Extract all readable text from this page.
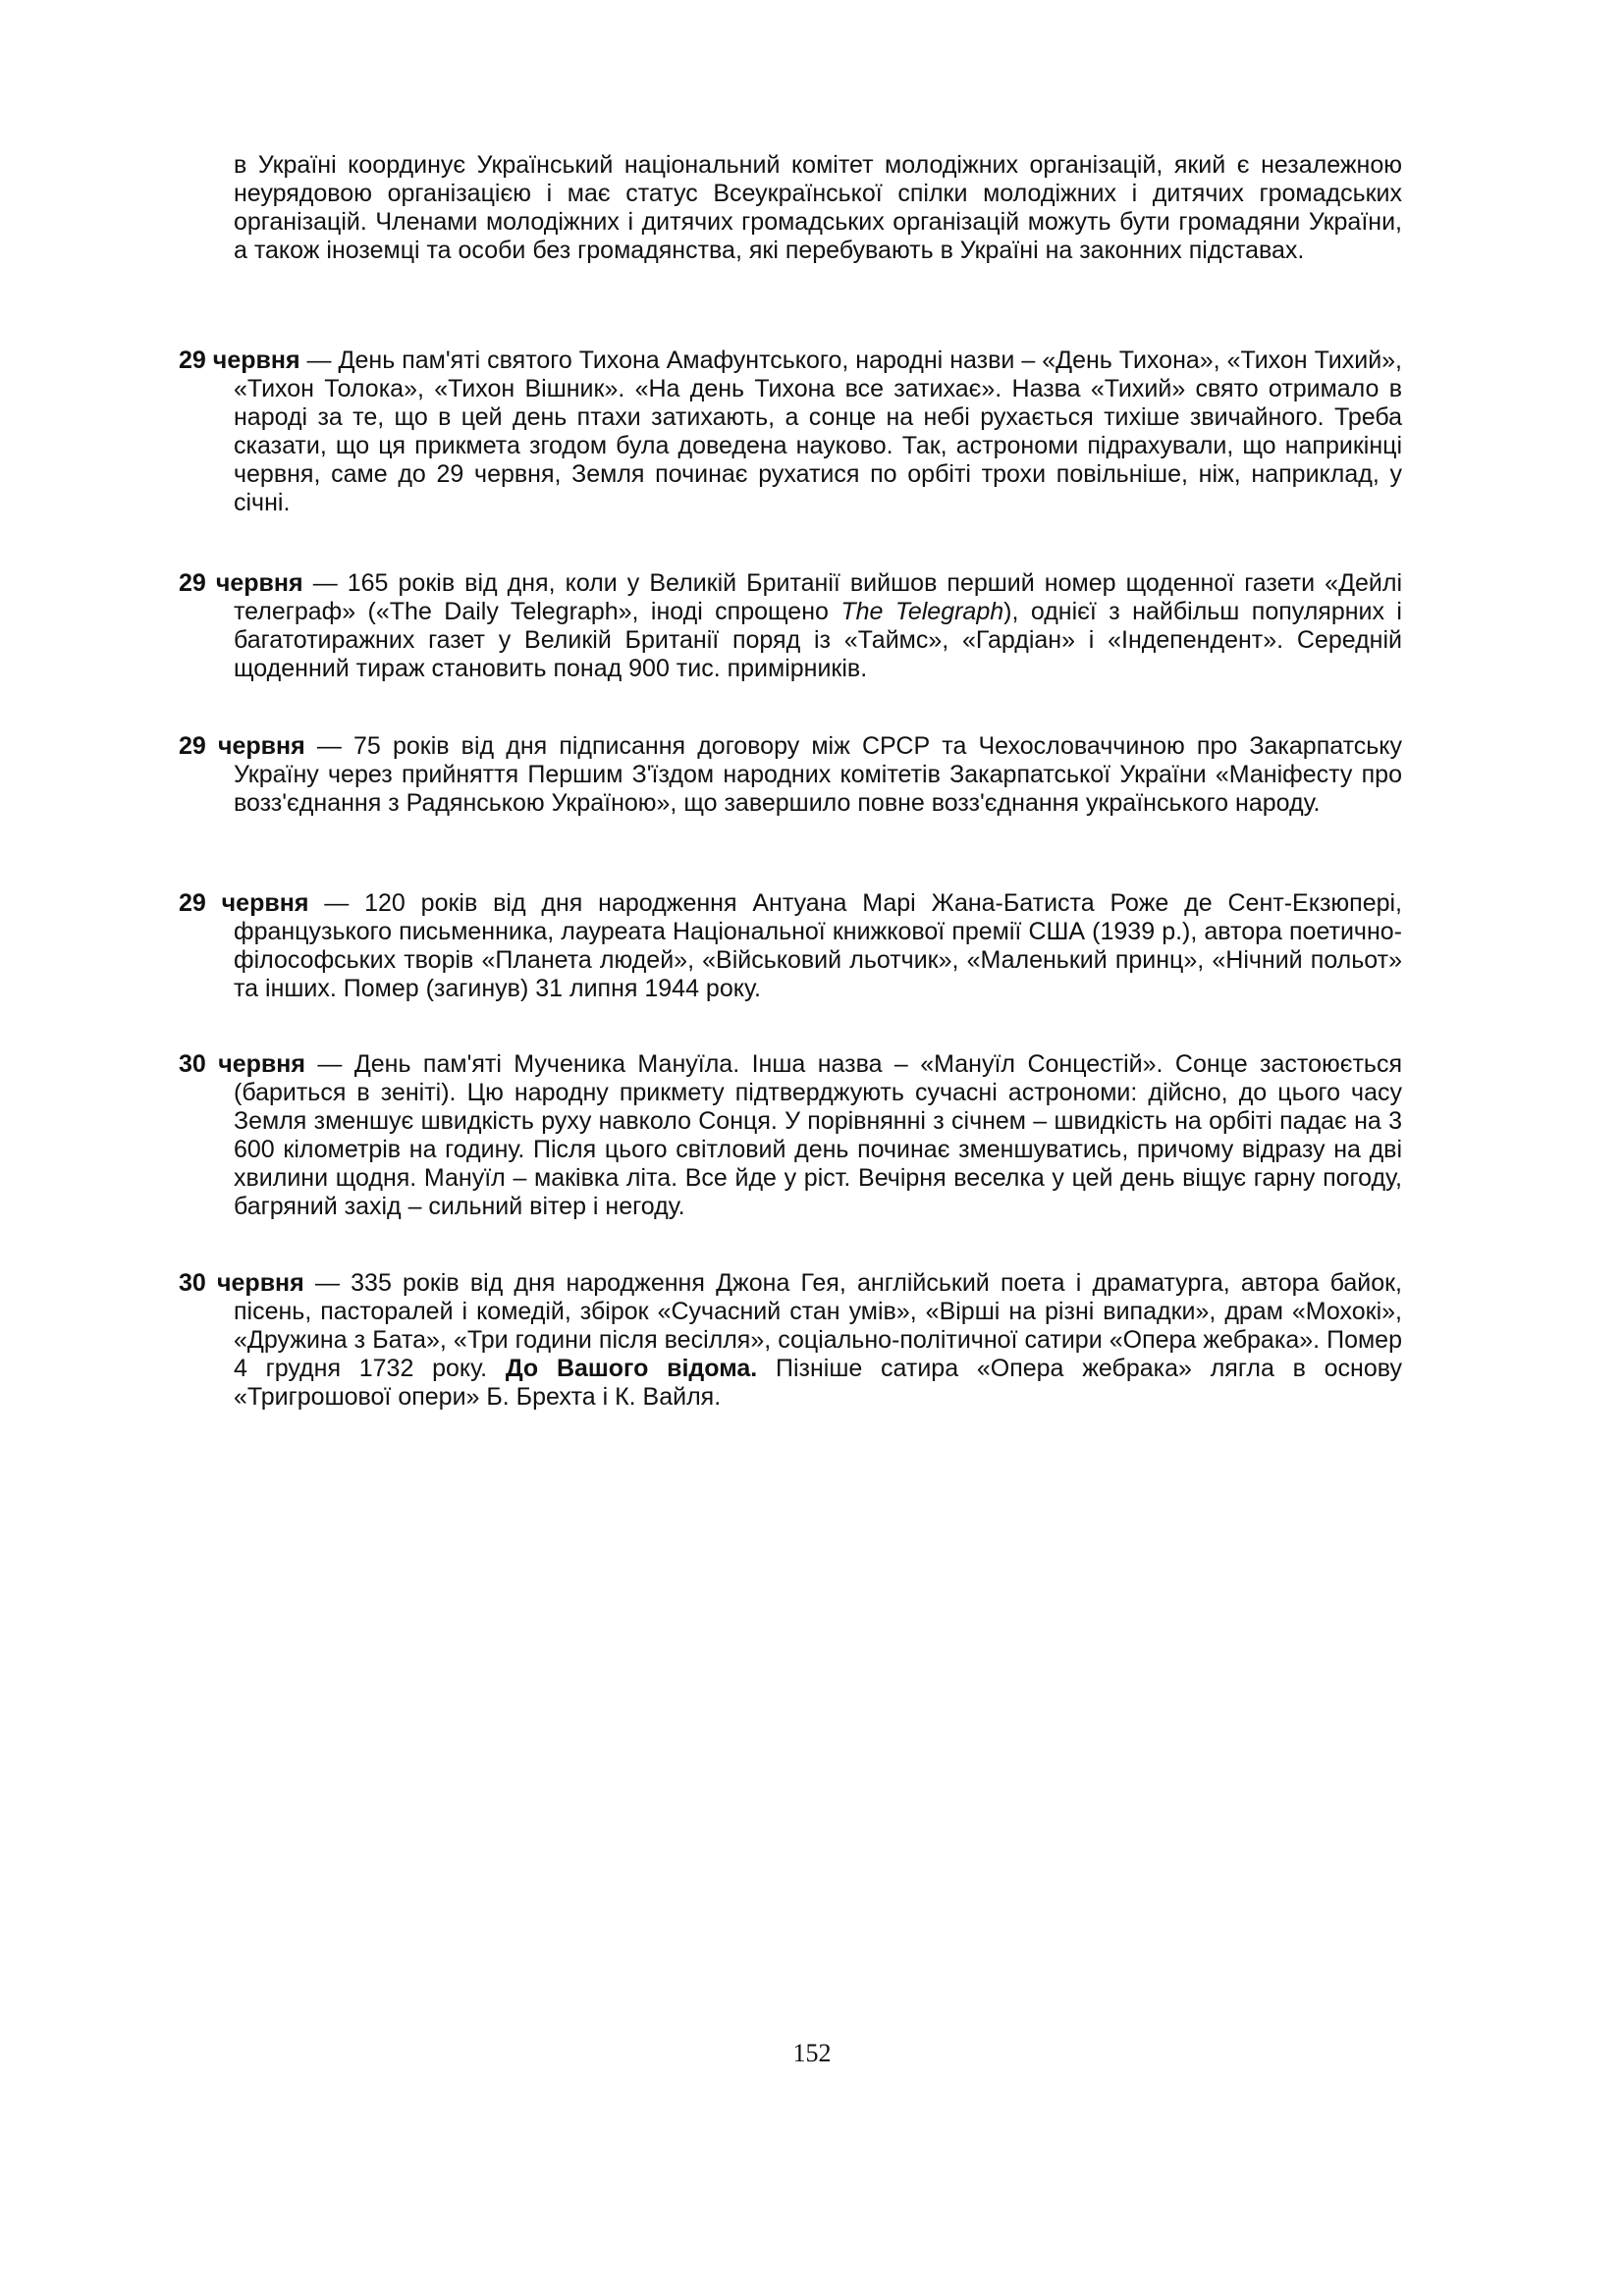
в Україні координує Український національний комітет молодіжних організацій, який є незалежною неурядовою організацією і має статус Всеукраїнської спілки молодіжних і дитячих громадських організацій. Членами молодіжних і дитячих громадських організацій можуть бути громадяни України, а також іноземці та особи без громадянства, які перебувають в Україні на законних підставах.

29 червня — День пам'яті святого Тихона Амафунтського, народні назви – «День Тихона», «Тихон Тихий», «Тихон Толока», «Тихон Вішник». «На день Тихона все затихає». Назва «Тихий» свято отримало в народі за те, що в цей день птахи затихають, а сонце на небі рухається тихіше звичайного. Треба сказати, що ця прикмета згодом була доведена науково. Так, астрономи підрахували, що наприкінці червня, саме до 29 червня, Земля починає рухатися по орбіті трохи повільніше, ніж, наприклад, у січні.

29 червня — 165 років від дня, коли у Великій Британії вийшов перший номер щоденної газети «Дейлі телеграф» («The Daily Telegraph», іноді спрощено The Telegraph), однієї з найбільш популярних і багатотиражних газет у Великій Британії поряд із «Таймс», «Гардіан» і «Індепендент». Середній щоденний тираж становить понад 900 тис. примірників.

29 червня — 75 років від дня підписання договору між СРСР та Чехословаччиною про Закарпатську Україну через прийняття Першим З'їздом народних комітетів Закарпатської України «Маніфесту про возз'єднання з Радянською Україною», що завершило повне возз'єднання українського народу.

29 червня — 120 років від дня народження Антуана Марі Жана-Батиста Роже де Сент-Екзюпері, французького письменника, лауреата Національної книжкової премії США (1939 р.), автора поетично-філософських творів «Планета людей», «Військовий льотчик», «Маленький принц», «Нічний польот» та інших. Помер (загинув) 31 липня 1944 року.

30 червня — День пам'яті Мученика Мануїла. Інша назва – «Мануїл Сонцестій». Сонце застоюється (бариться в зеніті). Цю народну прикмету підтверджують сучасні астрономи: дійсно, до цього часу Земля зменшує швидкість руху навколо Сонця. У порівнянні з січнем – швидкість на орбіті падає на 3 600 кілометрів на годину. Після цього світловий день починає зменшуватись, причому відразу на дві хвилини щодня. Мануїл – маківка літа. Все йде у ріст. Вечірня веселка у цей день віщує гарну погоду, багряний захід – сильний вітер і негоду.

30 червня — 335 років від дня народження Джона Гея, англійський поета і драматурга, автора байок, пісень, пасторалей і комедій, збірок «Сучасний стан умів», «Вірші на різні випадки», драм «Мохокі», «Дружина з Бата», «Три години після весілля», соціально-політичної сатири «Опера жебрака». Помер 4 грудня 1732 року. До Вашого відома. Пізніше сатира «Опера жебрака» лягла в основу «Тригрошової опери» Б. Брехта і К. Вайля.

152
